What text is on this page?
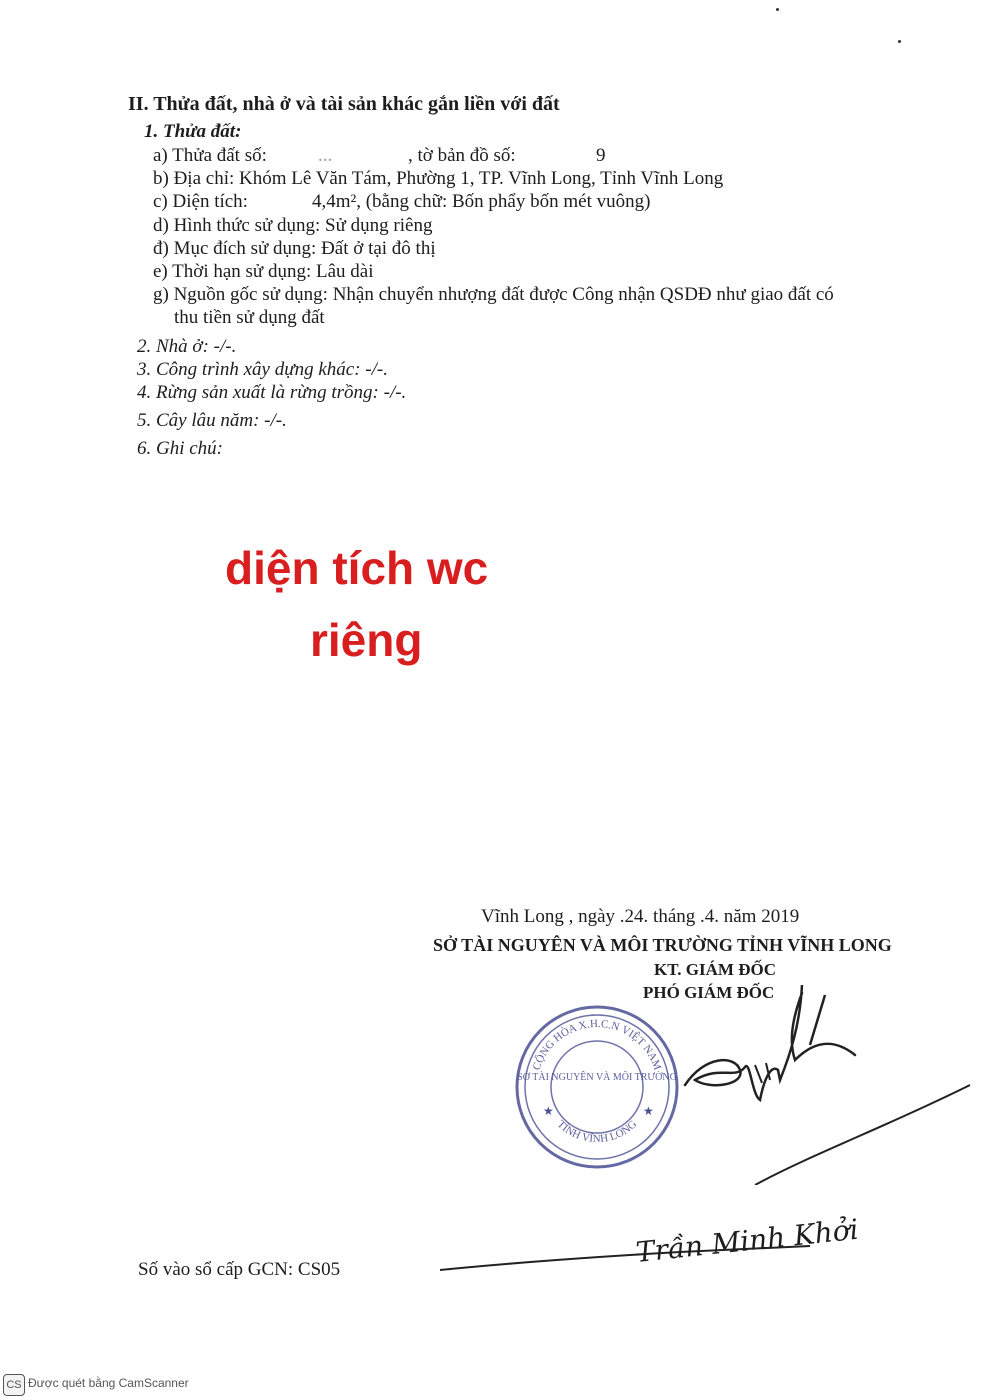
II. Thửa đất, nhà ở và tài sản khác gắn liền với đất
1. Thửa đất:
a) Thửa đất số:	...	, tờ bản đồ số:	9
b) Địa chỉ: Khóm Lê Văn Tám, Phường 1, TP. Vĩnh Long, Tỉnh Vĩnh Long
c) Diện tích:	4,4m², (bằng chữ: Bốn phẩy bốn mét vuông)
d) Hình thức sử dụng: Sử dụng riêng
đ) Mục đích sử dụng: Đất ở tại đô thị
e) Thời hạn sử dụng: Lâu dài
g) Nguồn gốc sử dụng: Nhận chuyển nhượng đất được Công nhận QSDĐ như giao đất có
thu tiền sử dụng đất
2. Nhà ở: -/-.
3. Công trình xây dựng khác: -/-.
4. Rừng sản xuất là rừng trồng: -/-.
5. Cây lâu năm: -/-.
6. Ghi chú:
diện tích wc
riêng
Vĩnh Long , ngày .24. tháng .4. năm 2019
SỞ TÀI NGUYÊN VÀ MÔI TRƯỜNG TỈNH VĨNH LONG
KT. GIÁM ĐỐC
PHÓ GIÁM ĐỐC
CỘNG HÒA X.H.C.N VIỆT NAM
TỈNH VĨNH LONG
SỞ TÀI NGUYÊN VÀ MÔI TRƯỜNG
★	★
Trần Minh Khởi
Số vào sổ cấp GCN: CS05
CS Được quét bằng CamScanner
